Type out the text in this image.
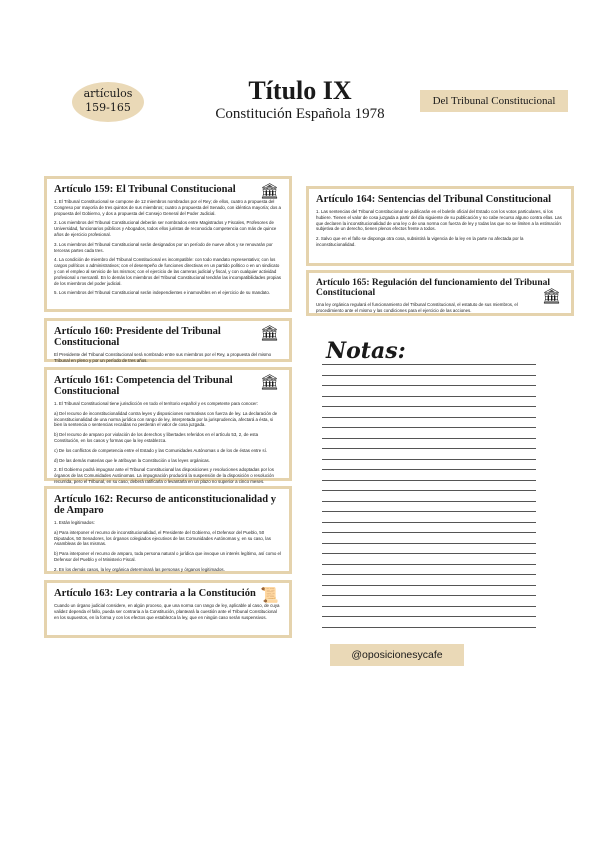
artículos
159-165
Título IX
Constitución Española 1978
Del Tribunal Constitucional
🏛
Artículo 159: El Tribunal Constitucional
1. El Tribunal Constitucional se compone de 12 miembros nombrados por el Rey; de ellos, cuatro a propuesta del Congreso por mayoría de tres quintos de sus miembros; cuatro a propuesta del Senado, con idéntica mayoría; dos a propuesta del Gobierno, y dos a propuesta del Consejo General del Poder Judicial.
2. Los miembros del Tribunal Constitucional deberán ser nombrados entre Magistrados y Fiscales, Profesores de Universidad, funcionarios públicos y Abogados, todos ellos juristas de reconocida competencia con más de quince años de ejercicio profesional.
3. Los miembros del Tribunal Constitucional serán designados por un período de nueve años y se renovarán por terceras partes cada tres.
4. La condición de miembro del Tribunal Constitucional es incompatible: con todo mandato representativo; con los cargos políticos o administrativos; con el desempeño de funciones directivas en un partido político o en un sindicato y con el empleo al servicio de los mismos; con el ejercicio de las carreras judicial y fiscal, y con cualquier actividad profesional o mercantil. En lo demás los miembros del Tribunal Constitucional tendrán las incompatibilidades propias de los miembros del poder judicial.
5. Los miembros del Tribunal Constitucional serán independientes e inamovibles en el ejercicio de su mandato.
🏛
Artículo 160: Presidente del Tribunal Constitucional

El Presidente del Tribunal Constitucional será nombrado entre sus miembros por el Rey, a propuesta del mismo Tribunal en pleno y por un período de tres años.

🏛
Artículo 161: Competencia del Tribunal Constitucional
1. El Tribunal Constitucional tiene jurisdicción en todo el territorio español y es competente para conocer:
a) Del recurso de inconstitucionalidad contra leyes y disposiciones normativas con fuerza de ley. La declaración de inconstitucionalidad de una norma jurídica con rango de ley, interpretada por la jurisprudencia, afectará a ésta, si bien la sentencia o sentencias recaídas no perderán el valor de cosa juzgada.
b) Del recurso de amparo por violación de los derechos y libertades referidos en el artículo 53, 2, de esta Constitución, en los casos y formas que la ley establezca.
c) De los conflictos de competencia entre el Estado y las Comunidades Autónomas o de los de éstas entre sí.
d) De las demás materias que le atribuyan la Constitución o las leyes orgánicas.
2. El Gobierno podrá impugnar ante el Tribunal Constitucional las disposiciones y resoluciones adoptadas por los órganos de las Comunidades Autónomas. La impugnación producirá la suspensión de la disposición o resolución recurrida, pero el Tribunal, en su caso, deberá ratificarla o levantarla en un plazo no superior a cinco meses.
Artículo 162: Recurso de anticonstitucionalidad y de Amparo
1. Están legitimados:
a) Para interponer el recurso de inconstitucionalidad, el Presidente del Gobierno, el Defensor del Pueblo, 50 Diputados, 50 Senadores, los órganos colegiados ejecutivos de las Comunidades Autónomas y, en su caso, las Asambleas de las mismas.
b) Para interponer el recurso de amparo, toda persona natural o jurídica que invoque un interés legítimo, así como el Defensor del Pueblo y el Ministerio Fiscal.
2. En los demás casos, la ley orgánica determinará las personas y órganos legitimados.
📜
Artículo 163: Ley contraria a la Constitución

Cuando un órgano judicial considere, en algún proceso, que una norma con rango de ley, aplicable al caso, de cuya validez dependa el fallo, pueda ser contraria a la Constitución, planteará la cuestión ante el Tribunal Constitucional en los supuestos, en la forma y con los efectos que establezca la ley, que en ningún caso serán suspensivos.

Artículo 164: Sentencias del Tribunal Constitucional
1. Las sentencias del Tribunal Constitucional se publicarán en el boletín oficial del Estado con los votos particulares, si los hubiere. Tienen el valor de cosa juzgada a partir del día siguiente de su publicación y no cabe recurso alguno contra ellas. Las que declaren la inconstitucionalidad de una ley o de una norma con fuerza de ley y todas las que no se limiten a la estimación subjetiva de un derecho, tienen plenos efectos frente a todos.
2. Salvo que en el fallo se disponga otra cosa, subsistirá la vigencia de la ley en la parte no afectada por la inconstitucionalidad.
🏛
Artículo 165: Regulación del funcionamiento del Tribunal Constitucional

Una ley orgánica regulará el funcionamiento del Tribunal Constitucional, el estatuto de sus miembros, el procedimiento ante el mismo y las condiciones para el ejercicio de las acciones.

Notas:
@oposicionesycafe
